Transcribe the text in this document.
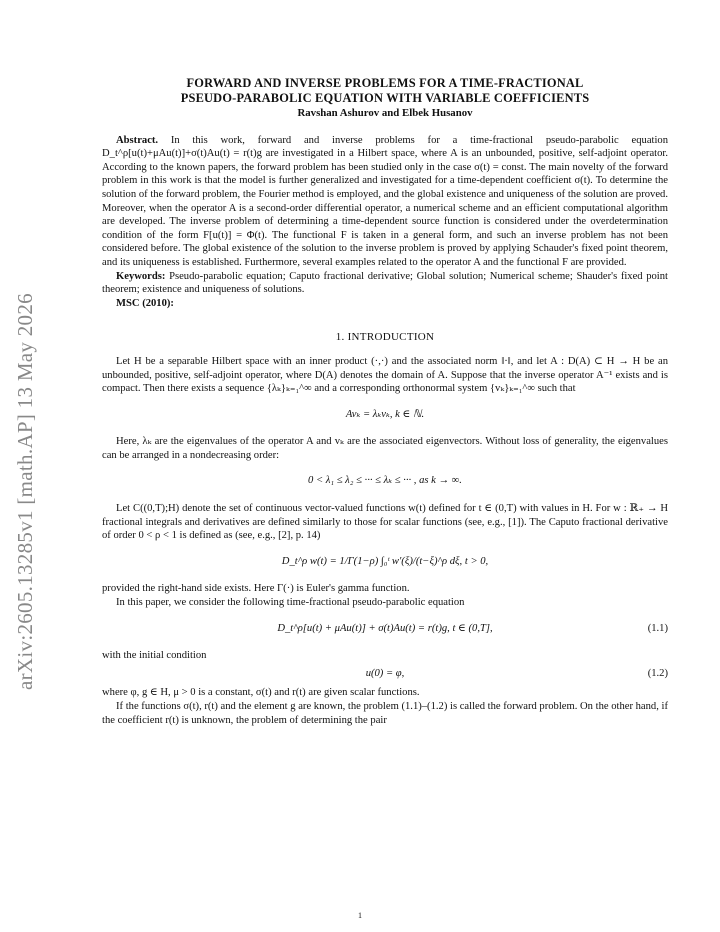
arXiv:2605.13285v1 [math.AP] 13 May 2026

FORWARD AND INVERSE PROBLEMS FOR A TIME-FRACTIONAL

PSEUDO-PARABOLIC EQUATION WITH VARIABLE COEFFICIENTS

Ravshan Ashurov and Elbek Husanov

Abstract. In this work, forward and inverse problems for a time-fractional pseudo-parabolic equation D_t^ρ[u(t)+μAu(t)]+σ(t)Au(t) = r(t)g are investigated in a Hilbert space, where A is an unbounded, positive, self-adjoint operator. According to the known papers, the forward problem has been studied only in the case σ(t) = const. The main novelty of the forward problem in this work is that the model is further generalized and investigated for a time-dependent coefficient σ(t). To determine the solution of the forward problem, the Fourier method is employed, and the global existence and uniqueness of the solution are proved. Moreover, when the operator A is a second-order differential operator, a numerical scheme and an efficient computational algorithm are developed. The inverse problem of determining a time-dependent source function is considered under the overdetermination condition of the form F[u(t)] = Φ(t). The functional F is taken in a general form, and such an inverse problem has not been considered before. The global existence of the solution to the inverse problem is proved by applying Schauder's fixed point theorem, and its uniqueness is established. Furthermore, several examples related to the operator A and the functional F are provided.

Keywords: Pseudo-parabolic equation; Caputo fractional derivative; Global solution; Numerical scheme; Shauder's fixed point theorem; existence and uniqueness of solutions.

MSC (2010):

1. INTRODUCTION

Let H be a separable Hilbert space with an inner product (·,·) and the associated norm ‖·‖, and let A : D(A) ⊂ H → H be an unbounded, positive, self-adjoint operator, where D(A) denotes the domain of A. Suppose that the inverse operator A⁻¹ exists and is compact. Then there exists a sequence {λₖ}ₖ₌₁^∞ and a corresponding orthonormal system {vₖ}ₖ₌₁^∞ such that

Avₖ = λₖvₖ, k ∈ ℕ.

Here, λₖ are the eigenvalues of the operator A and vₖ are the associated eigenvectors. Without loss of generality, the eigenvalues can be arranged in a nondecreasing order:

0 < λ₁ ≤ λ₂ ≤ ··· ≤ λₖ ≤ ··· , as k → ∞.

Let C((0,T);H) denote the set of continuous vector-valued functions w(t) defined for t ∈ (0,T) with values in H. For w : ℝ₊ → H fractional integrals and derivatives are defined similarly to those for scalar functions (see, e.g., [1]). The Caputo fractional derivative of order 0 < ρ < 1 is defined as (see, e.g., [2], p. 14)

D_t^ρ w(t) = 1/Γ(1−ρ) ∫₀ᵗ w′(ξ)/(t−ξ)^ρ dξ, t > 0,

provided the right-hand side exists. Here Γ(·) is Euler's gamma function.

In this paper, we consider the following time-fractional pseudo-parabolic equation

D_t^ρ[u(t) + μAu(t)] + σ(t)Au(t) = r(t)g, t ∈ (0,T],	(1.1)

with the initial condition

u(0) = φ,	(1.2)

where φ, g ∈ H, μ > 0 is a constant, σ(t) and r(t) are given scalar functions.

If the functions σ(t), r(t) and the element g are known, the problem (1.1)–(1.2) is called the forward problem. On the other hand, if the coefficient r(t) is unknown, the problem of determining the pair

1
